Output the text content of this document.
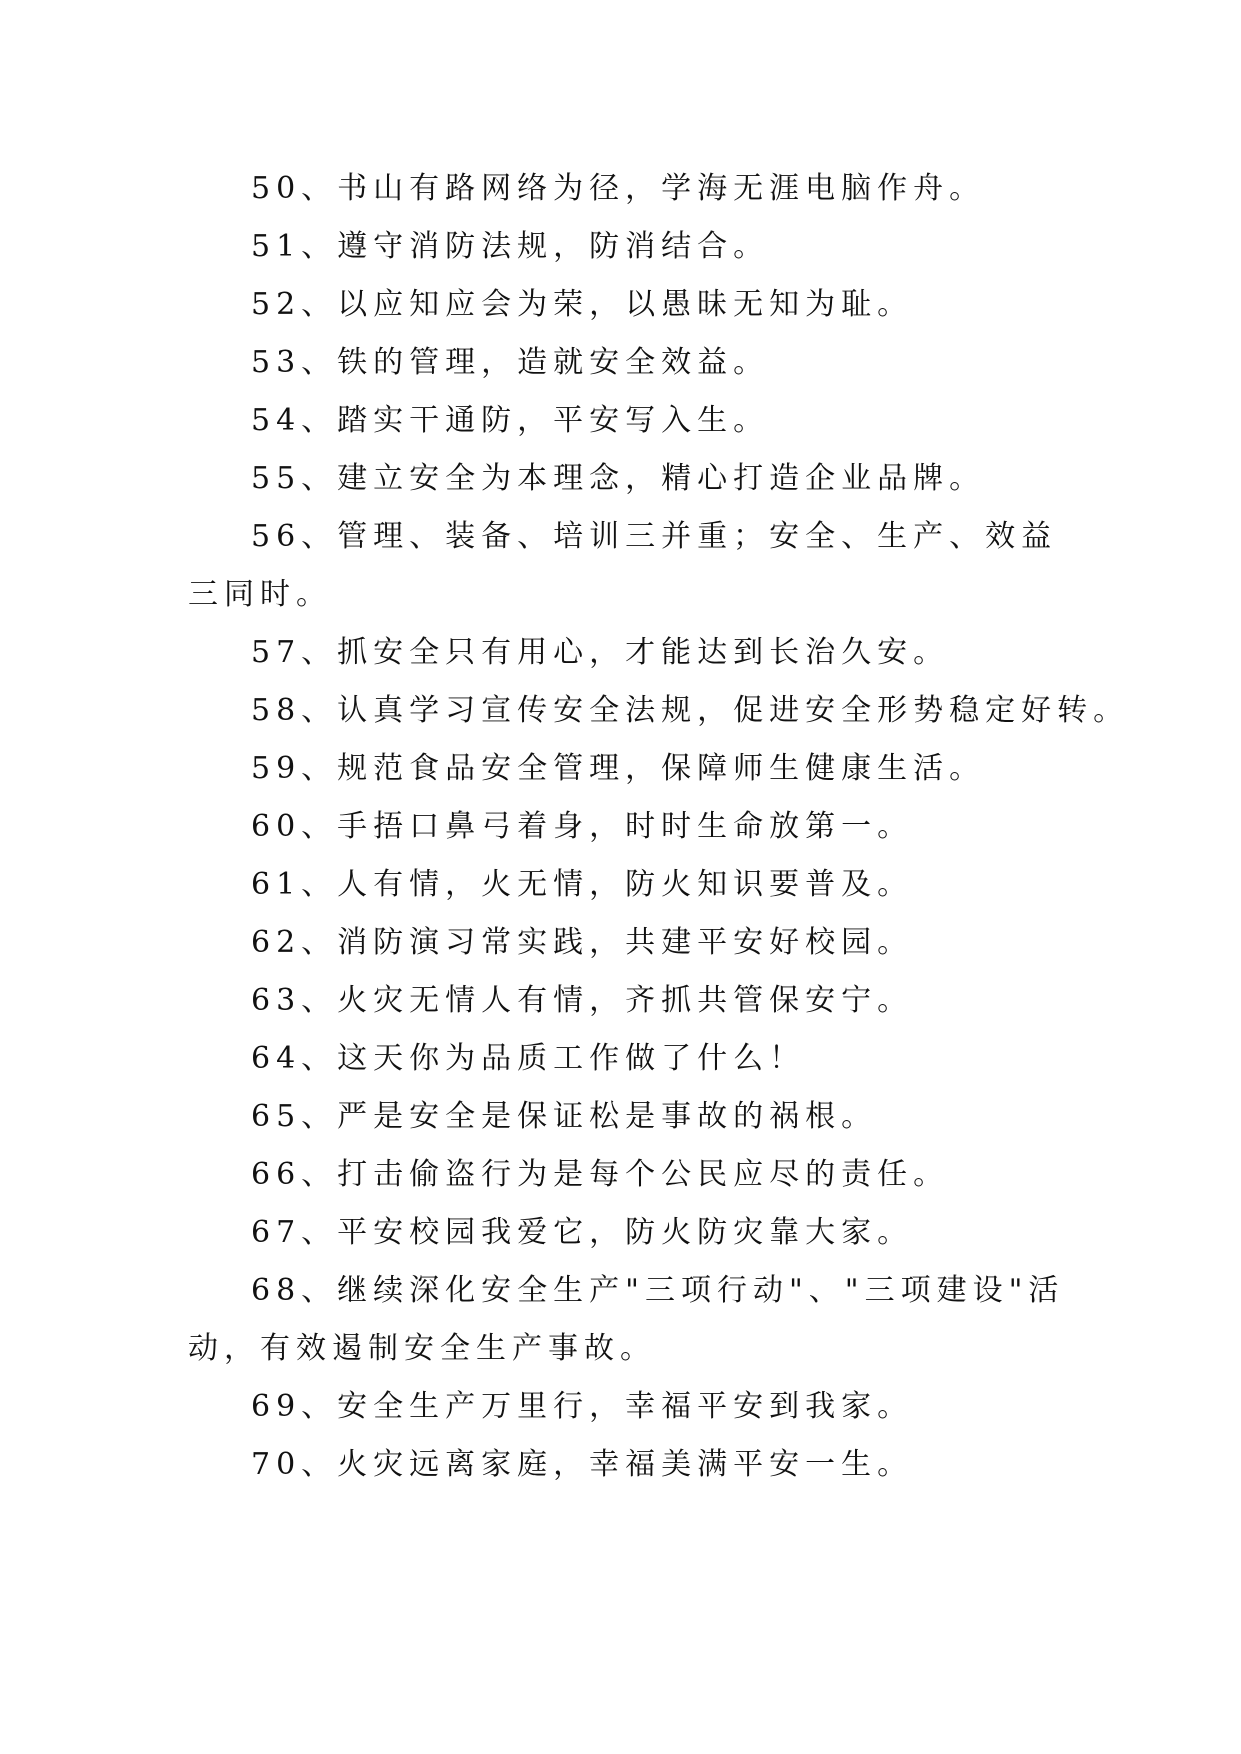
50、书山有路网络为径，学海无涯电脑作舟。

51、遵守消防法规，防消结合。

52、以应知应会为荣，以愚昧无知为耻。

53、铁的管理，造就安全效益。

54、踏实干通防，平安写入生。

55、建立安全为本理念，精心打造企业品牌。

56、管理、装备、培训三并重；安全、生产、效益三同时。

57、抓安全只有用心，才能达到长治久安。

58、认真学习宣传安全法规，促进安全形势稳定好转。

59、规范食品安全管理，保障师生健康生活。

60、手捂口鼻弓着身，时时生命放第一。

61、人有情，火无情，防火知识要普及。

62、消防演习常实践，共建平安好校园。

63、火灾无情人有情，齐抓共管保安宁。

64、这天你为品质工作做了什么！

65、严是安全是保证松是事故的祸根。

66、打击偷盗行为是每个公民应尽的责任。

67、平安校园我爱它，防火防灾靠大家。

68、继续深化安全生产"三项行动"、"三项建设"活动，有效遏制安全生产事故。

69、安全生产万里行，幸福平安到我家。

70、火灾远离家庭，幸福美满平安一生。
